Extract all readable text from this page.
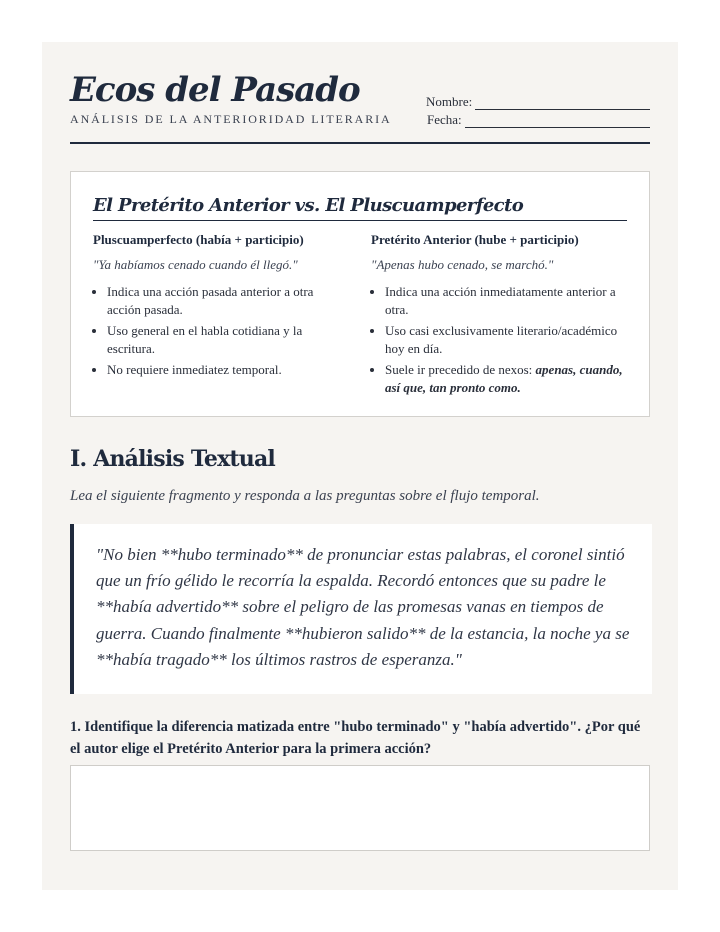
Ecos del Pasado
ANÁLISIS DE LA ANTERIORIDAD LITERARIA
Nombre:
Fecha:
El Pretérito Anterior vs. El Pluscuamperfecto
Pluscuamperfecto (había + participio)
"Ya habíamos cenado cuando él llegó."
• Indica una acción pasada anterior a otra acción pasada.
• Uso general en el habla cotidiana y la escritura.
• No requiere inmediatez temporal.
Pretérito Anterior (hube + participio)
"Apenas hubo cenado, se marchó."
• Indica una acción inmediatamente anterior a otra.
• Uso casi exclusivamente literario/académico hoy en día.
• Suele ir precedido de nexos: apenas, cuando, así que, tan pronto como.
I. Análisis Textual
Lea el siguiente fragmento y responda a las preguntas sobre el flujo temporal.
"No bien **hubo terminado** de pronunciar estas palabras, el coronel sintió que un frío gélido le recorría la espalda. Recordó entonces que su padre le **había advertido** sobre el peligro de las promesas vanas en tiempos de guerra. Cuando finalmente **hubieron salido** de la estancia, la noche ya se **había tragado** los últimos rastros de esperanza."
1. Identifique la diferencia matizada entre "hubo terminado" y "había advertido". ¿Por qué el autor elige el Pretérito Anterior para la primera acción?
